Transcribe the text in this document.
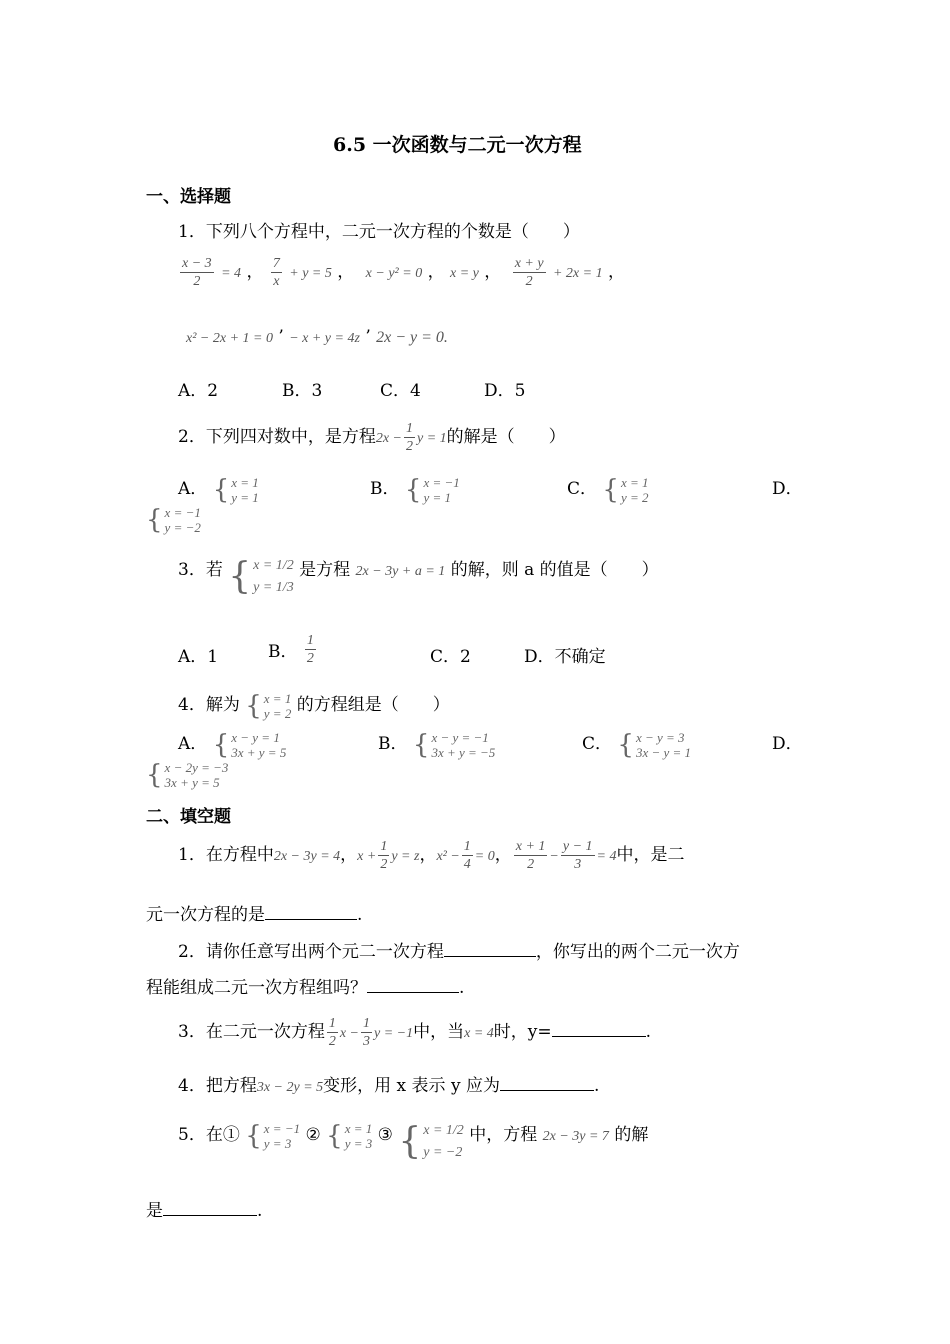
6.5 一次函数与二元一次方程
一、选择题
1．下列八个方程中，二元一次方程的个数是（　　）
$\frac{x - 3}{2} = 4$ ， $\frac{7}{x} + y = 5$ ， x − y² = 0 ， x = y ， $\frac{x + y}{2} + 2x = 1$ ，
x² − 2x + 1 = 0 ’ − x + y = 4z ’ 2x − y = 0.
A．2	B．3	C．4	D．5
2．下列四对数中，是方程$2x - \frac{1}{2}$ y = 1的解是（　　）
A． { x = 1
y = 1	B． { x = −1
y = 1	C． { x = 1
y = 2	D．
{ x = −1
y = −2
3．若 { x = 1/2
y = 1/3
是方程 2x − 3y + a = 1 的解，则 a 的值是（　　）
A．1	B． $\frac{1}{2}$	C．2	D．不确定
4．解为 { x = 1
y = 2 的方程组是（　　）
A． { x − y = 1
3x + y = 5	B． { x − y = −1
3x + y = −5	C． { x − y = 3
3x − y = 1	D．
{ x − 2y = −3
3x + y = 5
二、填空题
1．在方程中2x − 3y = 4，$x + \frac{1}{2}$ y = z，$x^2 - \frac{1}{4} = 0$， $\frac{x + 1}{2} - \frac{y - 1}{3} = 4$中，是二
元一次方程的是	.
2．请你任意写出两个元二一次方程	，你写出的两个二元一次方
程能组成二元一次方程组吗？	.
3．在二元一次方程 $\frac{1}{2}$ $x - \frac{1}{3}$ y = −1中，当x = 4时，y=	.
4．把方程3x − 2y = 5变形，用 x 表示 y 应为	.
5．在① { x = −1
y = 3 ② { x = 1
y = 3 ③ { x = 1/2
y = −2
中，方程 2x − 3y = 7 的解
是	.
